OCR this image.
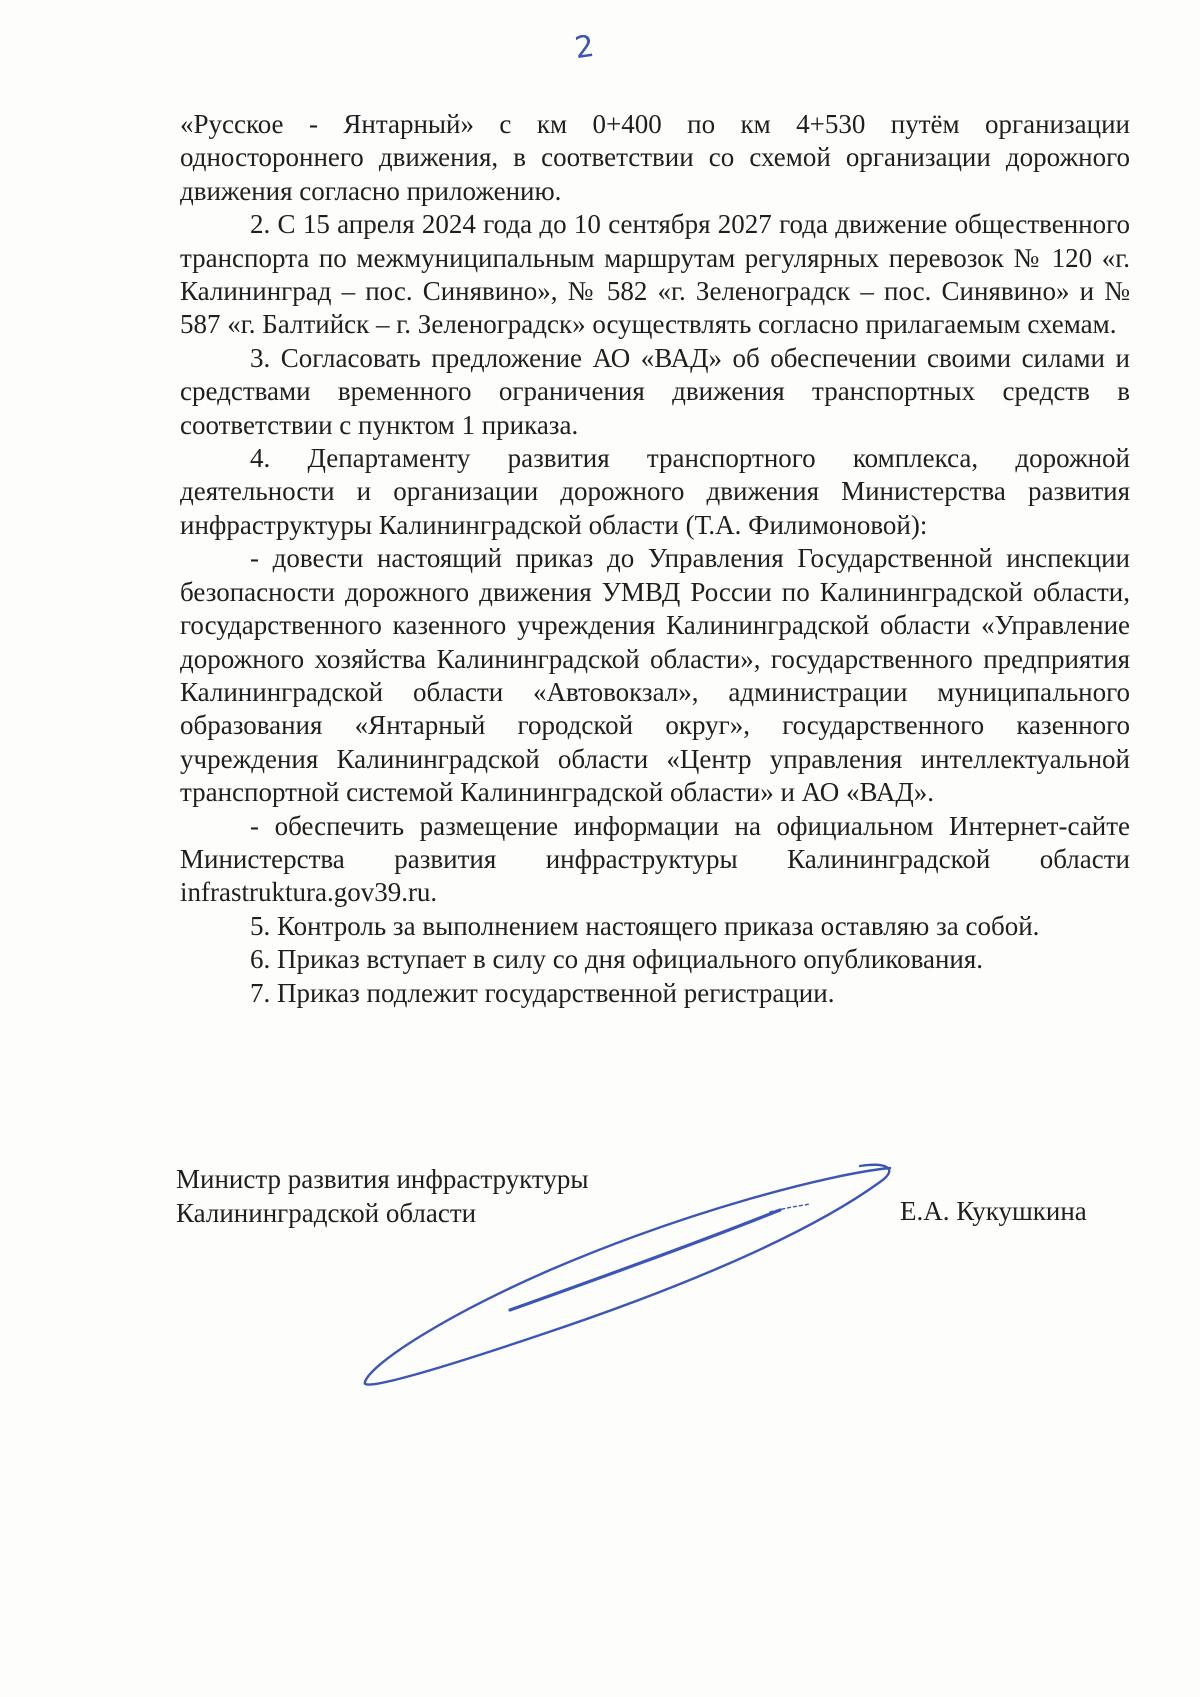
2

«Русское - Янтарный» с км 0+400 по км 4+530 путём организации одностороннего движения, в соответствии со схемой организации дорожного движения согласно приложению.

2. С 15 апреля 2024 года до 10 сентября 2027 года движение общественного транспорта по межмуниципальным маршрутам регулярных перевозок № 120 «г. Калининград – пос. Синявино», № 582 «г. Зеленоградск – пос. Синявино» и № 587 «г. Балтийск – г. Зеленоградск» осуществлять согласно прилагаемым схемам.

3. Согласовать предложение АО «ВАД» об обеспечении своими силами и средствами временного ограничения движения транспортных средств в соответствии с пунктом 1 приказа.

4. Департаменту развития транспортного комплекса, дорожной деятельности и организации дорожного движения Министерства развития инфраструктуры Калининградской области (Т.А. Филимоновой):

- довести настоящий приказ до Управления Государственной инспекции безопасности дорожного движения УМВД России по Калининградской области, государственного казенного учреждения Калининградской области «Управление дорожного хозяйства Калининградской области», государственного предприятия Калининградской области «Автовокзал», администрации муниципального образования «Янтарный городской округ», государственного казенного учреждения Калининградской области «Центр управления интеллектуальной транспортной системой Калининградской области» и АО «ВАД».

- обеспечить размещение информации на официальном Интернет-сайте Министерства развития инфраструктуры Калининградской области infrastruktura.gov39.ru.

5. Контроль за выполнением настоящего приказа оставляю за собой.

6. Приказ вступает в силу со дня официального опубликования.

7. Приказ подлежит государственной регистрации.

Министр развития инфраструктуры
Калининградской области	Е.А. Кукушкина
